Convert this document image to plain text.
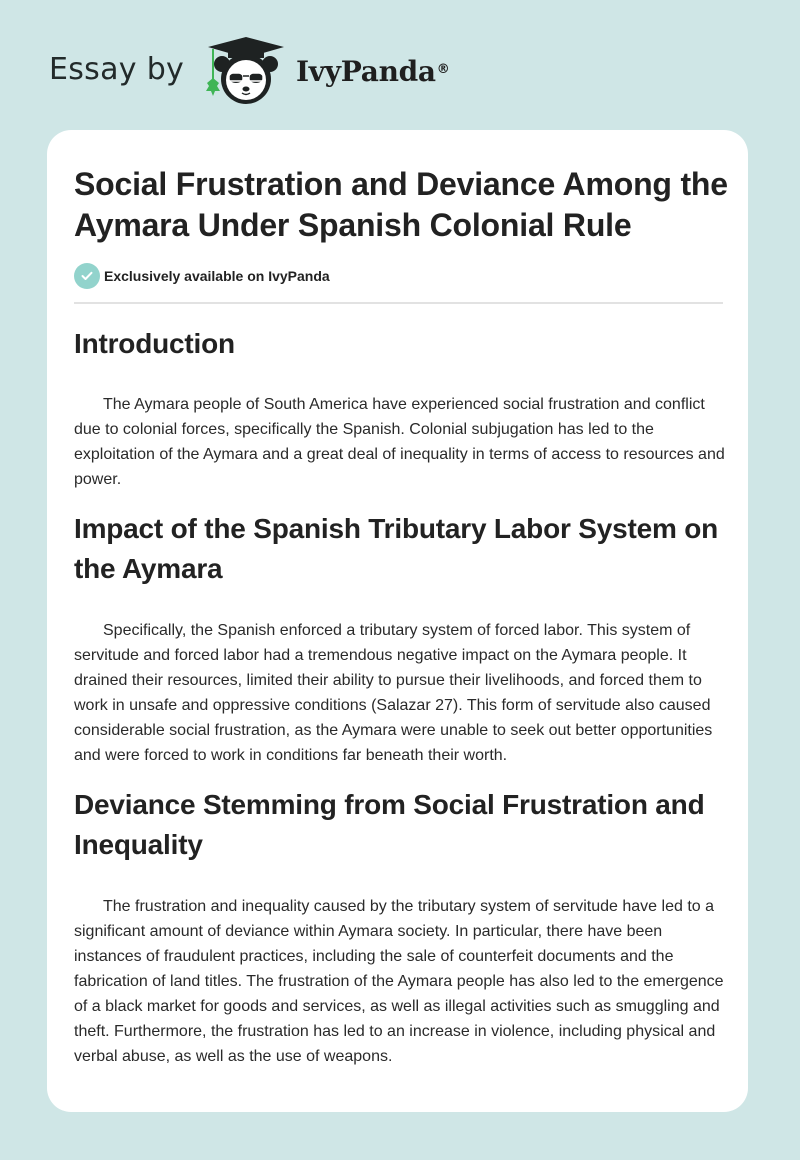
Essay by	IvyPanda®
Social Frustration and Deviance Among the Aymara Under Spanish Colonial Rule
Exclusively available on IvyPanda
Introduction

The Aymara people of South America have experienced social frustration and conflict due to colonial forces, specifically the Spanish. Colonial subjugation has led to the exploitation of the Aymara and a great deal of inequality in terms of access to resources and power.

Impact of the Spanish Tributary Labor System on the Aymara

Specifically, the Spanish enforced a tributary system of forced labor. This system of servitude and forced labor had a tremendous negative impact on the Aymara people. It drained their resources, limited their ability to pursue their livelihoods, and forced them to work in unsafe and oppressive conditions (Salazar 27). This form of servitude also caused considerable social frustration, as the Aymara were unable to seek out better opportunities and were forced to work in conditions far beneath their worth.

Deviance Stemming from Social Frustration and Inequality

The frustration and inequality caused by the tributary system of servitude have led to a significant amount of deviance within Aymara society. In particular, there have been instances of fraudulent practices, including the sale of counterfeit documents and the fabrication of land titles. The frustration of the Aymara people has also led to the emergence of a black market for goods and services, as well as illegal activities such as smuggling and theft. Furthermore, the frustration has led to an increase in violence, including physical and verbal abuse, as well as the use of weapons.
